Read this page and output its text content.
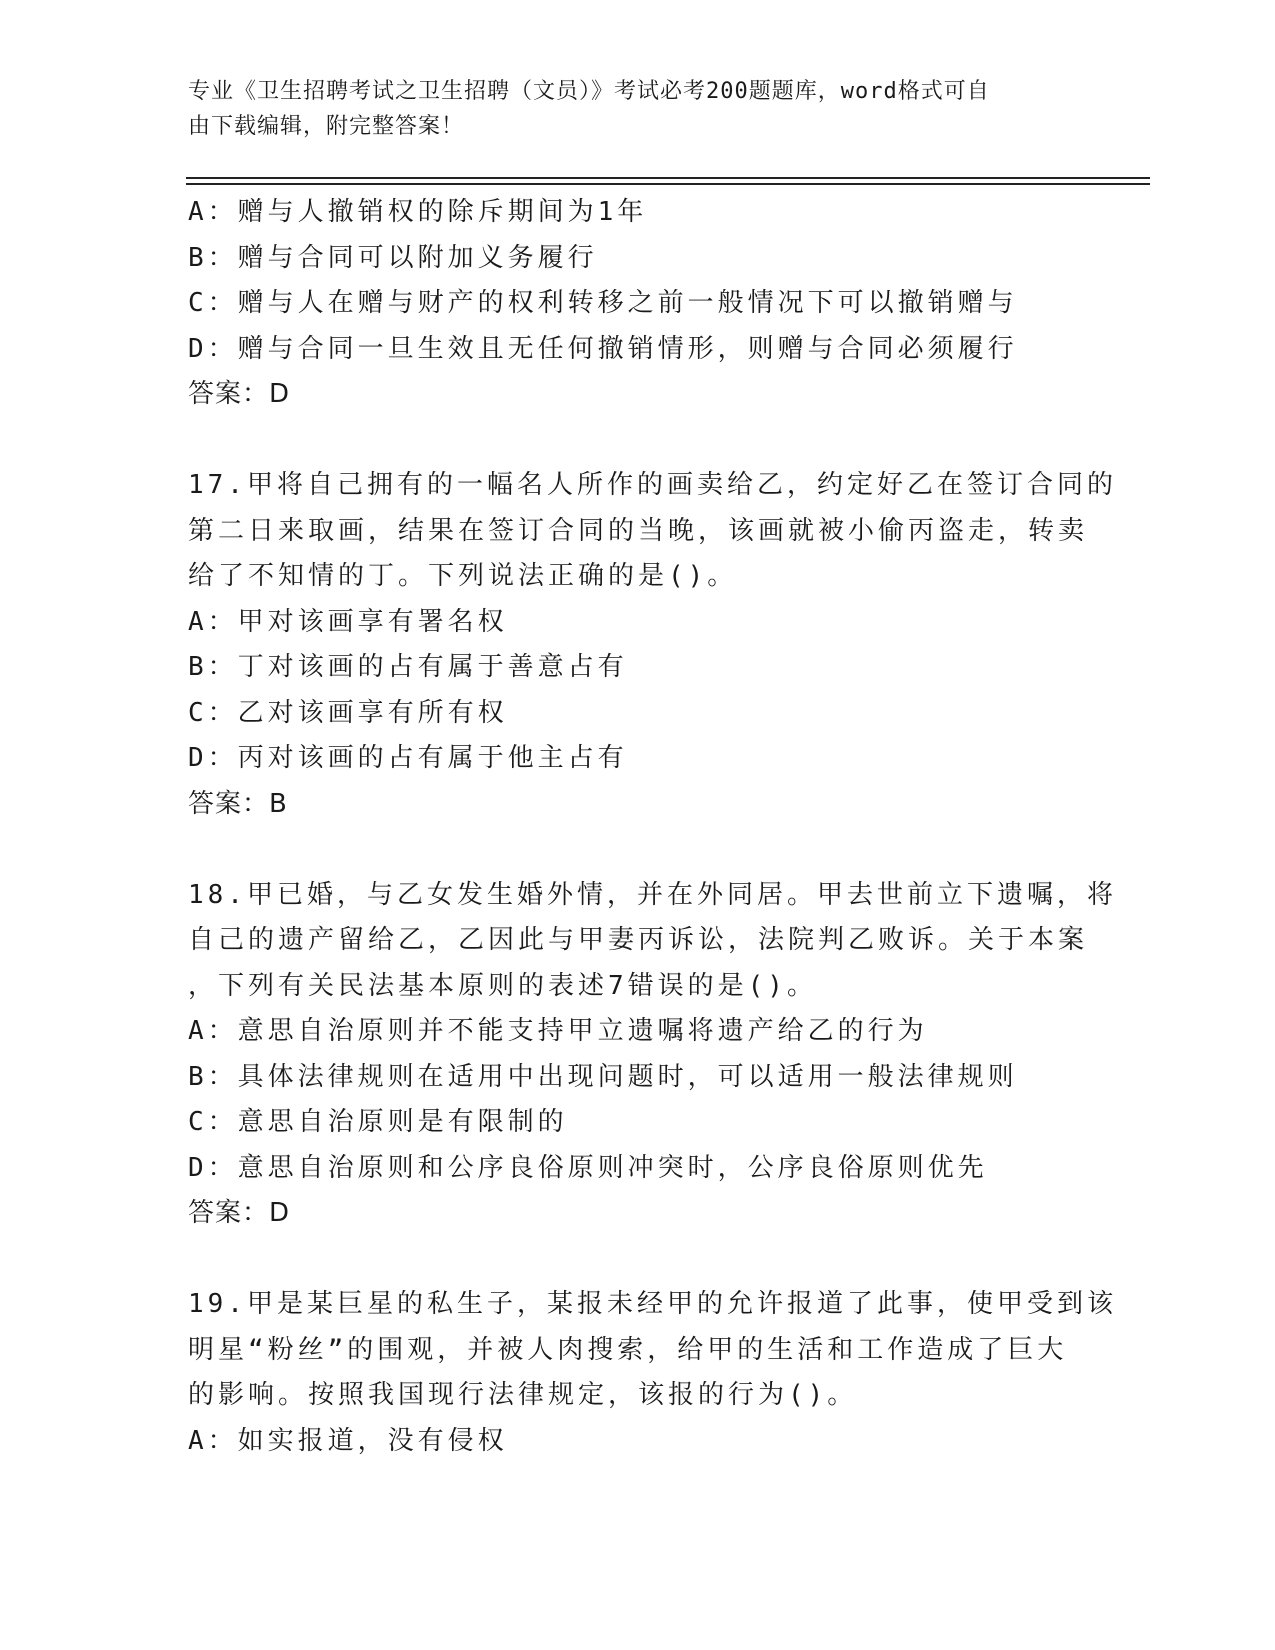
专业《卫生招聘考试之卫生招聘（文员）》考试必考200题题库，word格式可自
由下载编辑，附完整答案！
A：赠与人撤销权的除斥期间为1年
B：赠与合同可以附加义务履行
C：赠与人在赠与财产的权利转移之前一般情况下可以撤销赠与
D：赠与合同一旦生效且无任何撤销情形，则赠与合同必须履行
答案：D
17.甲将自己拥有的一幅名人所作的画卖给乙，约定好乙在签订合同的
第二日来取画，结果在签订合同的当晚，该画就被小偷丙盗走，转卖
给了不知情的丁。下列说法正确的是()。
A：甲对该画享有署名权
B：丁对该画的占有属于善意占有
C：乙对该画享有所有权
D：丙对该画的占有属于他主占有
答案：B
18.甲已婚，与乙女发生婚外情，并在外同居。甲去世前立下遗嘱，将
自己的遗产留给乙，乙因此与甲妻丙诉讼，法院判乙败诉。关于本案
，下列有关民法基本原则的表述7错误的是()。
A：意思自治原则并不能支持甲立遗嘱将遗产给乙的行为
B：具体法律规则在适用中出现问题时，可以适用一般法律规则
C：意思自治原则是有限制的
D：意思自治原则和公序良俗原则冲突时，公序良俗原则优先
答案：D
19.甲是某巨星的私生子，某报未经甲的允许报道了此事，使甲受到该
明星“粉丝”的围观，并被人肉搜索，给甲的生活和工作造成了巨大
的影响。按照我国现行法律规定，该报的行为()。
A：如实报道，没有侵权
